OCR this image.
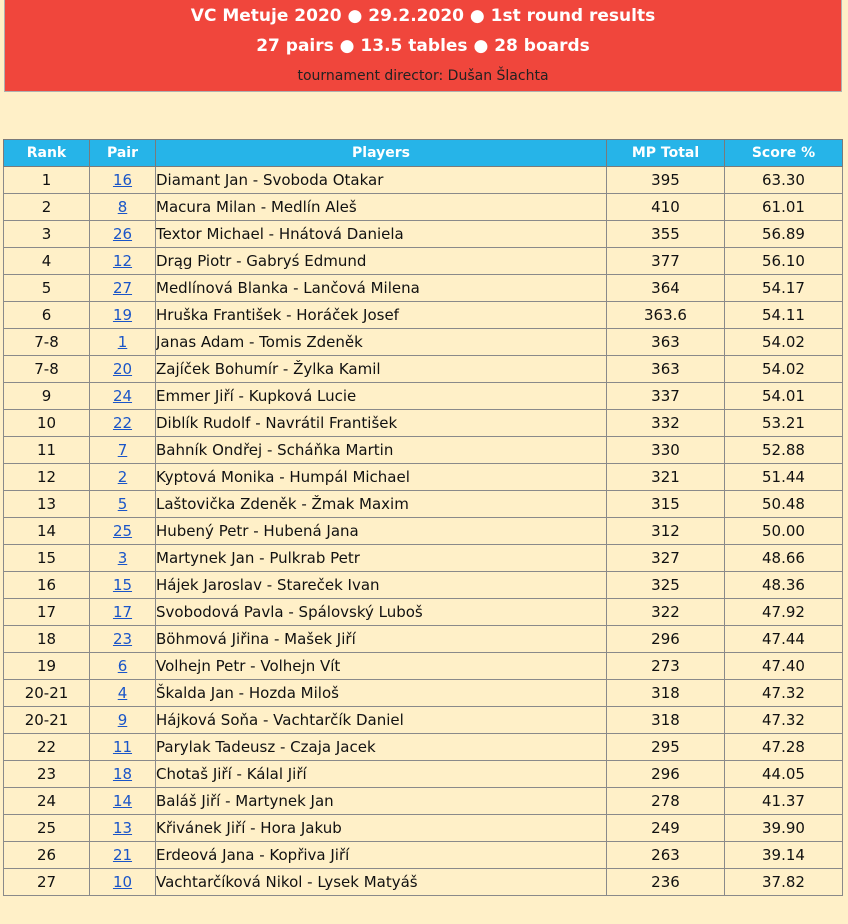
VC Metuje 2020 ● 29.2.2020 ● 1st round results
27 pairs ● 13.5 tables ● 28 boards
tournament director: Dušan Šlachta
Rank	Pair	Players	MP Total	Score %
1	16	Diamant Jan - Svoboda Otakar	395	63.30
2	8	Macura Milan - Medlín Aleš	410	61.01
3	26	Textor Michael - Hnátová Daniela	355	56.89
4	12	Drąg Piotr - Gabryś Edmund	377	56.10
5	27	Medlínová Blanka - Lančová Milena	364	54.17
6	19	Hruška František - Horáček Josef	363.6	54.11
7-8	1	Janas Adam - Tomis Zdeněk	363	54.02
7-8	20	Zajíček Bohumír - Žylka Kamil	363	54.02
9	24	Emmer Jiří - Kupková Lucie	337	54.01
10	22	Diblík Rudolf - Navrátil František	332	53.21
11	7	Bahník Ondřej - Scháňka Martin	330	52.88
12	2	Kyptová Monika - Humpál Michael	321	51.44
13	5	Laštovička Zdeněk - Žmak Maxim	315	50.48
14	25	Hubený Petr - Hubená Jana	312	50.00
15	3	Martynek Jan - Pulkrab Petr	327	48.66
16	15	Hájek Jaroslav - Stareček Ivan	325	48.36
17	17	Svobodová Pavla - Spálovský Luboš	322	47.92
18	23	Böhmová Jiřina - Mašek Jiří	296	47.44
19	6	Volhejn Petr - Volhejn Vít	273	47.40
20-21	4	Škalda Jan - Hozda Miloš	318	47.32
20-21	9	Hájková Soňa - Vachtarčík Daniel	318	47.32
22	11	Parylak Tadeusz - Czaja Jacek	295	47.28
23	18	Chotaš Jiří - Kálal Jiří	296	44.05
24	14	Baláš Jiří - Martynek Jan	278	41.37
25	13	Křivánek Jiří - Hora Jakub	249	39.90
26	21	Erdeová Jana - Kopřiva Jiří	263	39.14
27	10	Vachtarčíková Nikol - Lysek Matyáš	236	37.82
